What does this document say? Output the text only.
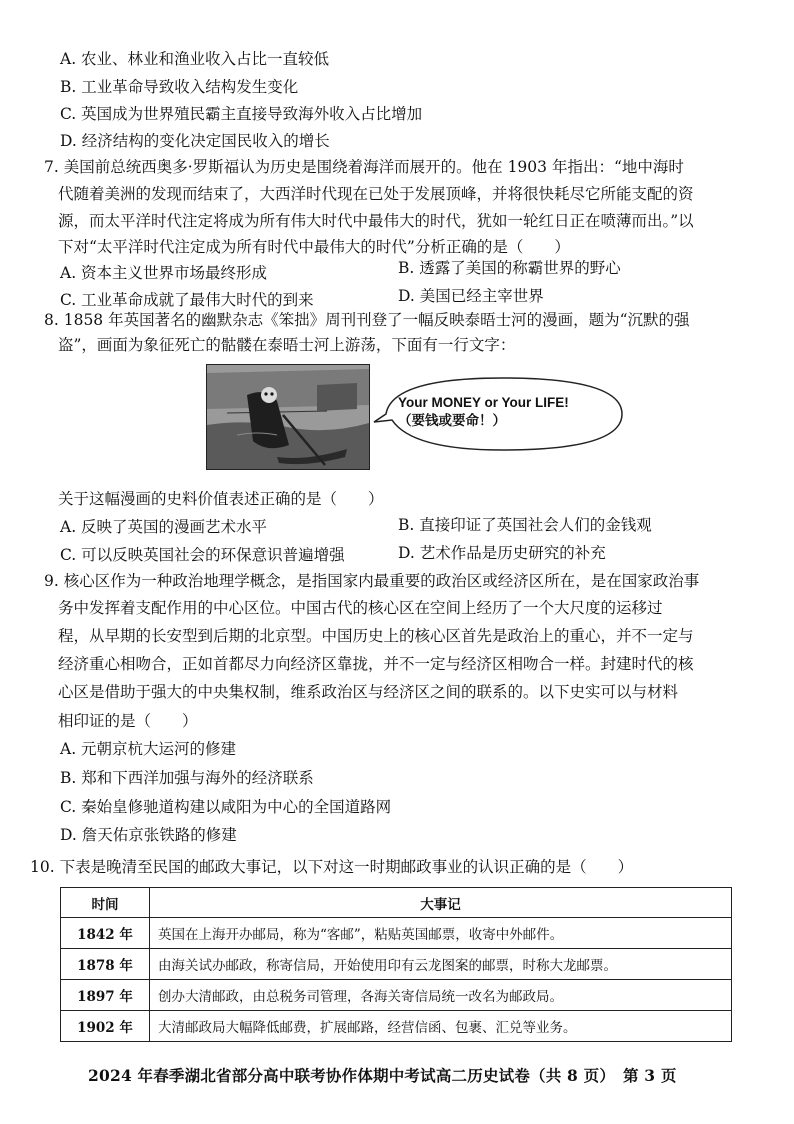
A. 农业、林业和渔业收入占比一直较低
B. 工业革命导致收入结构发生变化
C. 英国成为世界殖民霸主直接导致海外收入占比增加
D. 经济结构的变化决定国民收入的增长
7. 美国前总统西奥多·罗斯福认为历史是围绕着海洋而展开的。他在 1903 年指出：“地中海时
代随着美洲的发现而结束了，大西洋时代现在已处于发展顶峰，并将很快耗尽它所能支配的资
源，而太平洋时代注定将成为所有伟大时代中最伟大的时代，犹如一轮红日正在喷薄而出。”以
下对“太平洋时代注定成为所有时代中最伟大的时代”分析正确的是（　　）
A. 资本主义世界市场最终形成	B. 透露了美国的称霸世界的野心
C. 工业革命成就了最伟大时代的到来	D. 美国已经主宰世界
8. 1858 年英国著名的幽默杂志《笨拙》周刊刊登了一幅反映泰晤士河的漫画，题为“沉默的强
盗”，画面为象征死亡的骷髅在泰晤士河上游荡，下面有一行文字：
Your MONEY or Your LIFE!
（要钱或要命！）
关于这幅漫画的史料价值表述正确的是（　　）
A. 反映了英国的漫画艺术水平	B. 直接印证了英国社会人们的金钱观
C. 可以反映英国社会的环保意识普遍增强	D. 艺术作品是历史研究的补充
9. 核心区作为一种政治地理学概念，是指国家内最重要的政治区或经济区所在，是在国家政治事
务中发挥着支配作用的中心区位。中国古代的核心区在空间上经历了一个大尺度的运移过
程，从早期的长安型到后期的北京型。中国历史上的核心区首先是政治上的重心，并不一定与
经济重心相吻合，正如首都尽力向经济区靠拢，并不一定与经济区相吻合一样。封建时代的核
心区是借助于强大的中央集权制，维系政治区与经济区之间的联系的。以下史实可以与材料
相印证的是（　　）
A. 元朝京杭大运河的修建
B. 郑和下西洋加强与海外的经济联系
C. 秦始皇修驰道构建以咸阳为中心的全国道路网
D. 詹天佑京张铁路的修建
10. 下表是晚清至民国的邮政大事记，以下对这一时期邮政事业的认识正确的是（　　）
时间	大事记
1842 年	英国在上海开办邮局，称为“客邮”，粘贴英国邮票，收寄中外邮件。
1878 年	由海关试办邮政，称寄信局，开始使用印有云龙图案的邮票，时称大龙邮票。
1897 年	创办大清邮政，由总税务司管理，各海关寄信局统一改名为邮政局。
1902 年	大清邮政局大幅降低邮费，扩展邮路，经营信函、包裹、汇兑等业务。
2024 年春季湖北省部分高中联考协作体期中考试高二历史试卷（共 8 页）　第 3 页
